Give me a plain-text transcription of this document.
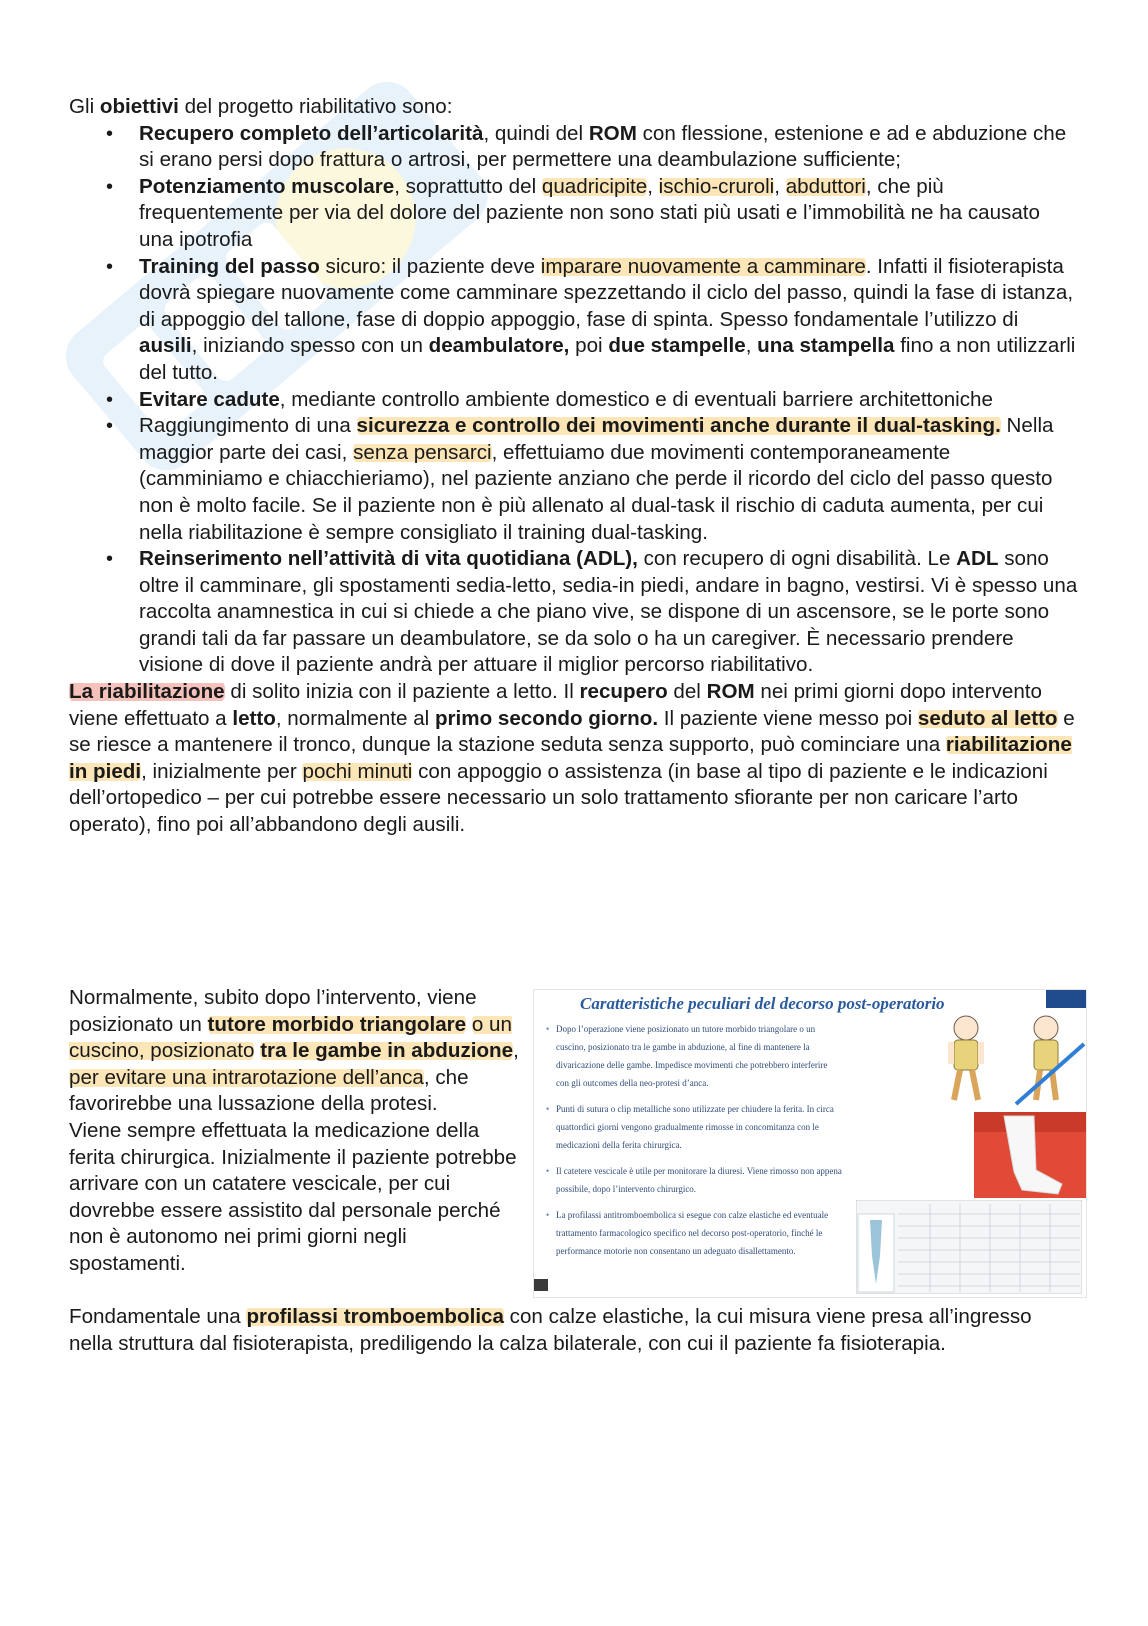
Gli obiettivi del progetto riabilitativo sono:

• Recupero completo dell’articolarità, quindi del ROM con flessione, estenione e ad e abduzione che si erano persi dopo frattura o artrosi, per permettere una deambulazione sufficiente;
• Potenziamento muscolare, soprattutto del quadricipite, ischio-cruroli, abduttori, che più frequentemente per via del dolore del paziente non sono stati più usati e l’immobilità ne ha causato una ipotrofia
• Training del passo sicuro: il paziente deve imparare nuovamente a camminare. Infatti il fisioterapista dovrà spiegare nuovamente come camminare spezzettando il ciclo del passo, quindi la fase di istanza, di appoggio del tallone, fase di doppio appoggio, fase di spinta. Spesso fondamentale l’utilizzo di ausili, iniziando spesso con un deambulatore, poi due stampelle, una stampella fino a non utilizzarli del tutto.
• Evitare cadute, mediante controllo ambiente domestico e di eventuali barriere architettoniche
• Raggiungimento di una sicurezza e controllo dei movimenti anche durante il dual-tasking. Nella maggior parte dei casi, senza pensarci, effettuiamo due movimenti contemporaneamente (camminiamo e chiacchieriamo), nel paziente anziano che perde il ricordo del ciclo del passo questo non è molto facile. Se il paziente non è più allenato al dual-task il rischio di caduta aumenta, per cui nella riabilitazione è sempre consigliato il training dual-tasking.
• Reinserimento nell’attività di vita quotidiana (ADL), con recupero di ogni disabilità. Le ADL sono oltre il camminare, gli spostamenti sedia-letto, sedia-in piedi, andare in bagno, vestirsi. Vi è spesso una raccolta anamnestica in cui si chiede a che piano vive, se dispone di un ascensore, se le porte sono grandi tali da far passare un deambulatore, se da solo o ha un caregiver. È necessario prendere visione di dove il paziente andrà per attuare il miglior percorso riabilitativo.

La riabilitazione di solito inizia con il paziente a letto. Il recupero del ROM nei primi giorni dopo intervento viene effettuato a letto, normalmente al primo secondo giorno. Il paziente viene messo poi seduto al letto e se riesce a mantenere il tronco, dunque la stazione seduta senza supporto, può cominciare una riabilitazione in piedi, inizialmente per pochi minuti con appoggio o assistenza (in base al tipo di paziente e le indicazioni dell’ortopedico – per cui potrebbe essere necessario un solo trattamento sfiorante per non caricare l’arto operato), fino poi all’abbandono degli ausili.

Normalmente, subito dopo l’intervento, viene posizionato un tutore morbido triangolare o un cuscino, posizionato tra le gambe in abduzione, per evitare una intrarotazione dell’anca, che favorirebbe una lussazione della protesi.

Viene sempre effettuata la medicazione della ferita chirurgica. Inizialmente il paziente potrebbe arrivare con un catatere vescicale, per cui dovrebbe essere assistito dal personale perché non è autonomo nei primi giorni negli spostamenti.

Caratteristiche peculiari del decorso post-operatorio
• Dopo l’operazione viene posizionato un tutore morbido triangolare o un cuscino, posizionato tra le gambe in abduzione, al fine di mantenere la divaricazione delle gambe. Impedisce movimenti che potrebbero interferire con gli outcomes della neo-protesi d’anca.
• Punti di sutura o clip metalliche sono utilizzate per chiudere la ferita. In circa quattordici giorni vengono gradualmente rimosse in concomitanza con le medicazioni della ferita chirurgica.
• Il catetere vescicale è utile per monitorare la diuresi. Viene rimosso non appena possibile, dopo l’intervento chirurgico.
• La profilassi antitromboembolica si esegue con calze elastiche ed eventuale trattamento farmacologico specifico nel decorso post-operatorio, finché le performance motorie non consentano un adeguato disallettamento.

Fondamentale una profilassi tromboembolica con calze elastiche, la cui misura viene presa all’ingresso nella struttura dal fisioterapista, prediligendo la calza bilaterale, con cui il paziente fa fisioterapia.
